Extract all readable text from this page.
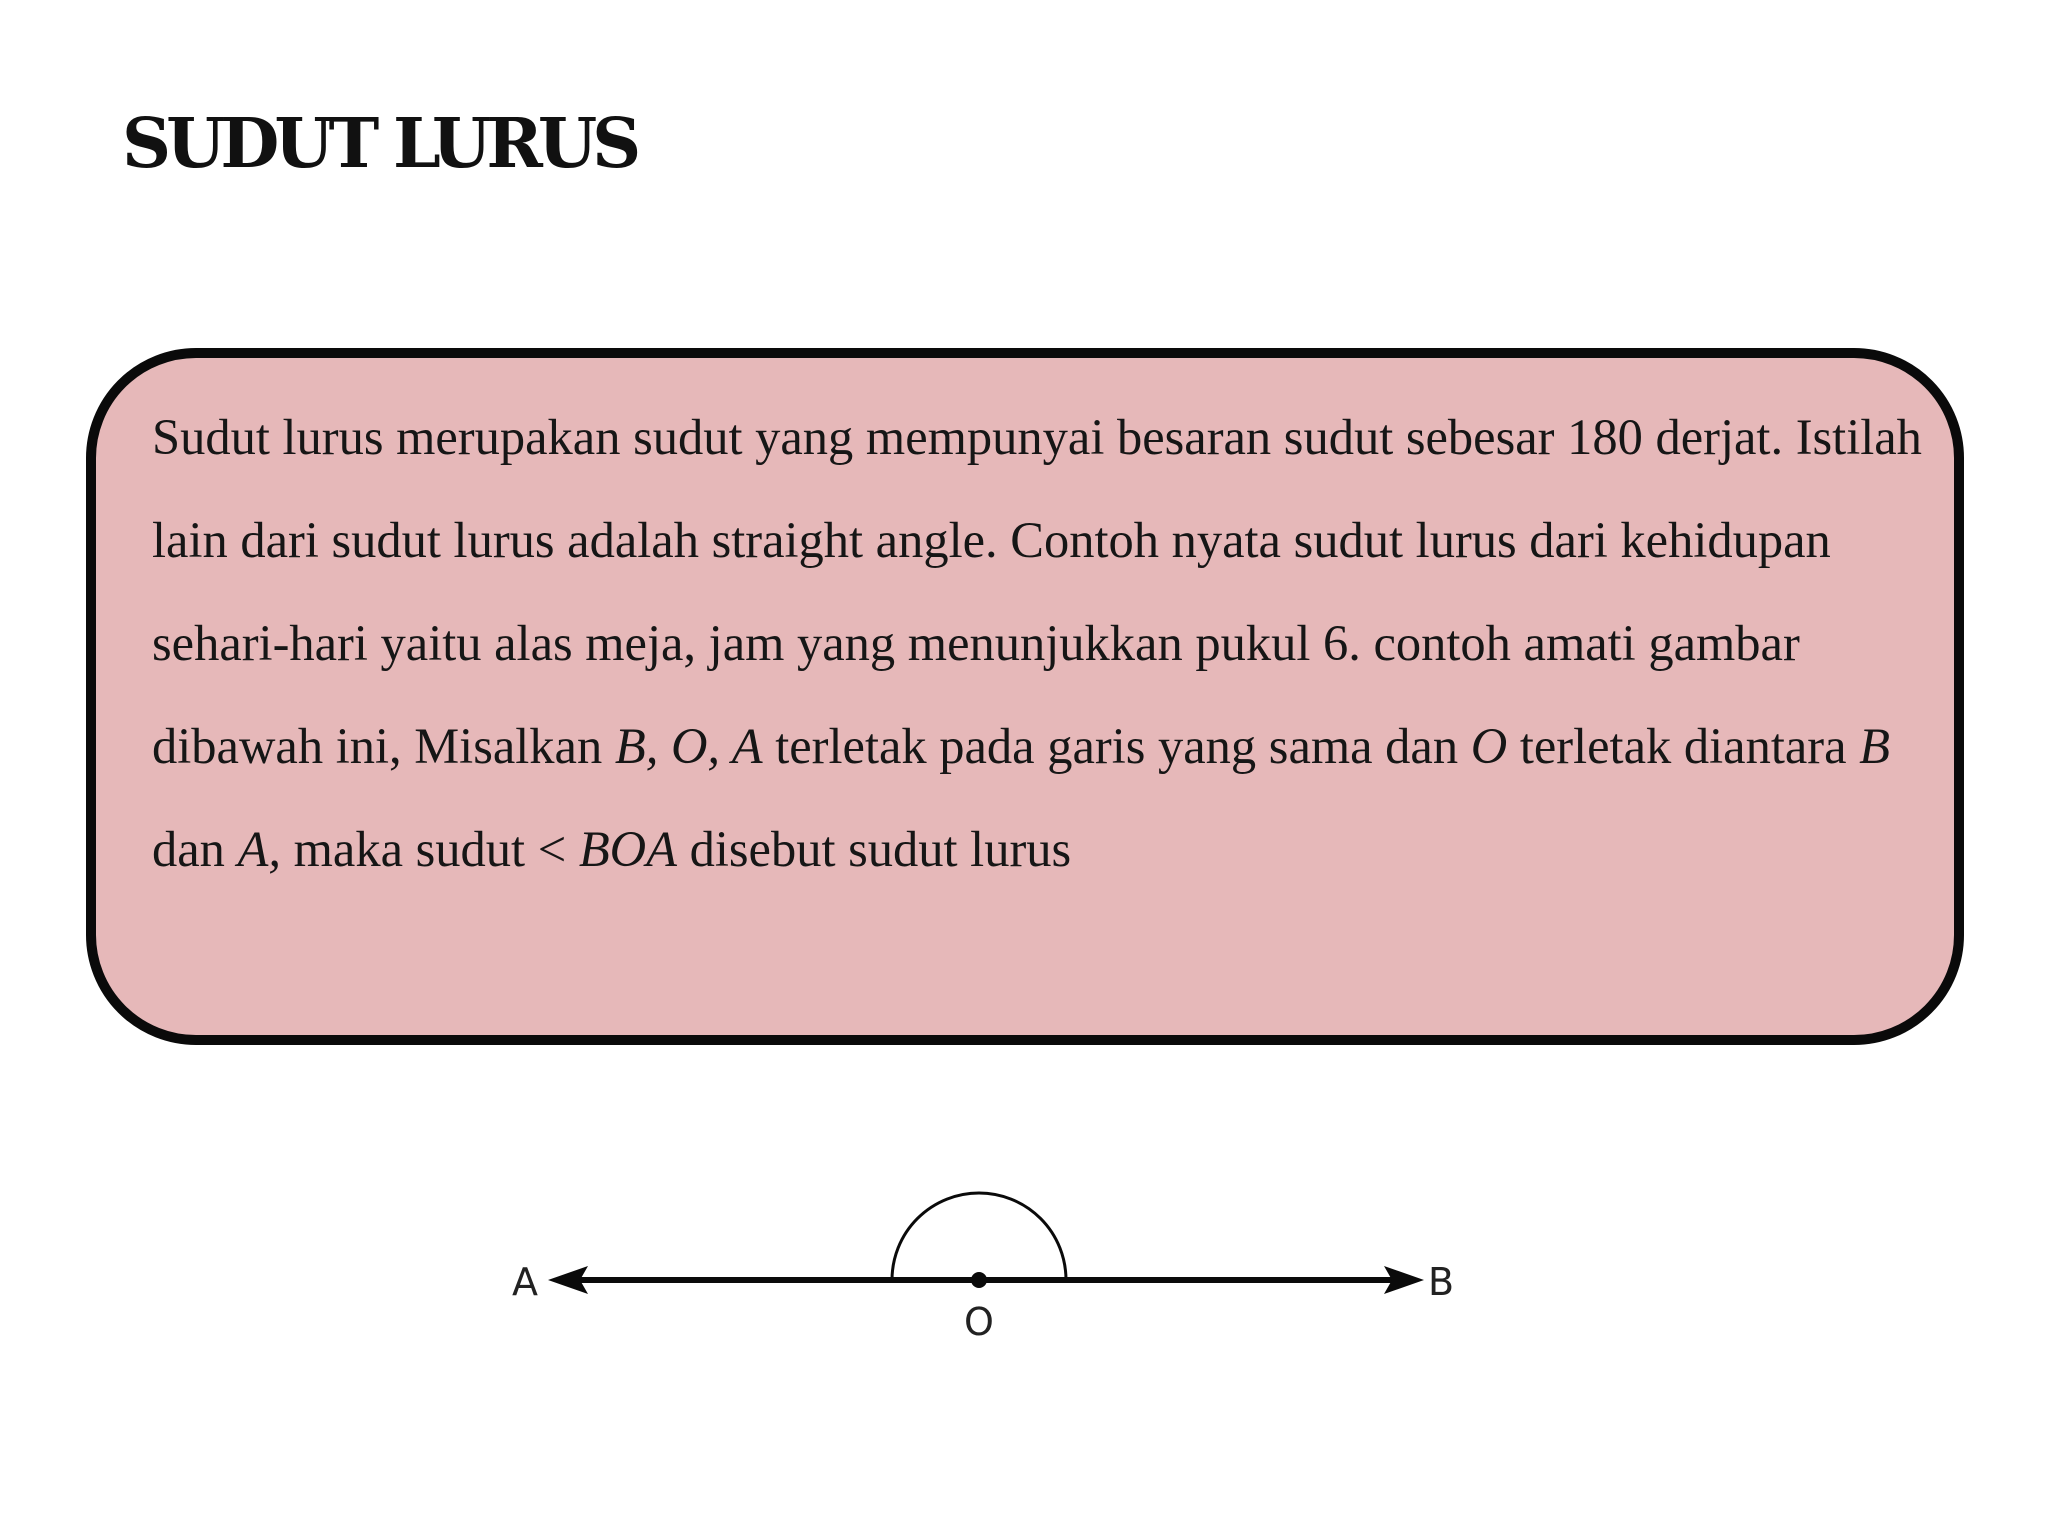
SUDUT LURUS

Sudut lurus merupakan sudut yang mempunyai besaran sudut sebesar 180 derjat. Istilah lain dari sudut lurus adalah straight angle. Contoh nyata sudut lurus dari kehidupan sehari-hari yaitu alas meja, jam yang menunjukkan pukul 6. contoh amati gambar dibawah ini, Misalkan B, O, A terletak pada garis yang sama dan O terletak diantara B dan A, maka sudut < BOA disebut sudut lurus

A
O
B
